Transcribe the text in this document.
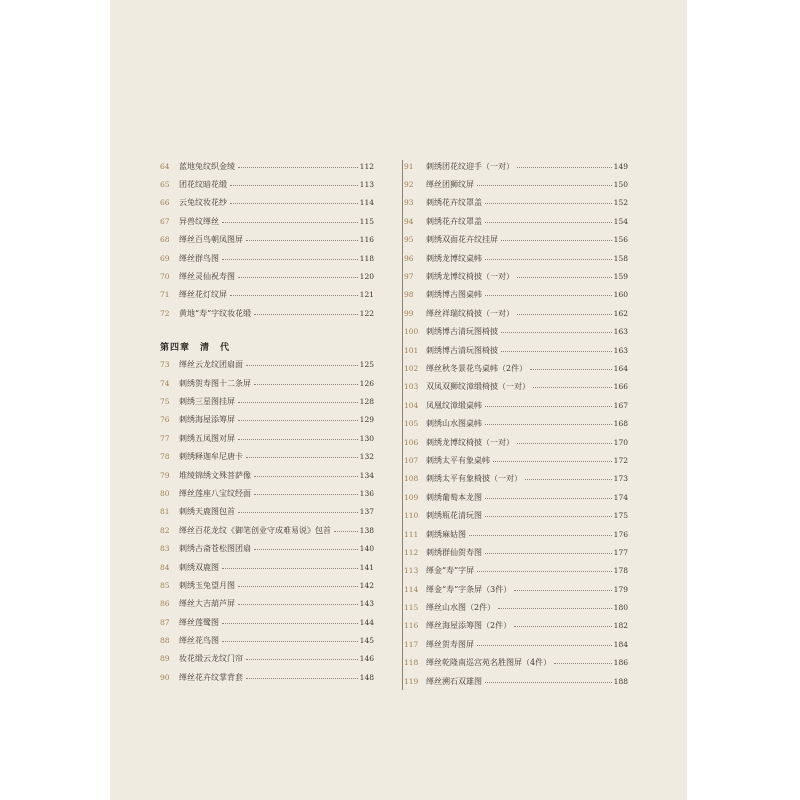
64	蓝地兔纹织金绫	112
65	团花纹暗花缎	113
66	云兔纹妆花纱	114
67	异兽纹缂丝	115
68	缂丝百鸟朝凤图屏	116
69	缂丝群鸟图	118
70	缂丝灵仙祝寿图	120
71	缂丝花灯纹屏	121
72	黄地“寿”字纹妆花缎	122
第四章　清　代
73	缂丝云龙纹团扇面	125
74	刺绣贺寿图十二条屏	126
75	刺绣三星图挂屏	128
76	刺绣海屋添筹屏	129
77	刺绣五凤图对屏	130
78	刺绣释迦牟尼唐卡	132
79	堆绫锦绣文殊菩萨像	134
80	缂丝莲座八宝纹经面	136
81	刺绣天鹿图包首	137
82	缂丝百花龙纹《御笔创业守成难易说》包首	138
83	刺绣古斋苍松图团扇	140
84	刺绣双鹿图	141
85	刺绣玉兔望月图	142
86	缂丝大吉葫芦屏	143
87	缂丝莲鹭图	144
88	缂丝花鸟图	145
89	妆花缎云龙纹门帘	146
90	缂丝花卉纹掌背套	148
91	刺绣团花纹迎手（一对）	149
92	缂丝团狮纹屏	150
93	刺绣花卉纹罩盖	152
94	刺绣花卉纹罩盖	154
95	刺绣双面花卉纹挂屏	156
96	刺绣龙博纹桌帏	158
97	刺绣龙博纹椅披（一对）	159
98	刺绣博古图桌帏	160
99	缂丝祥瑞纹椅披（一对）	162
100 刺绣博古清玩图椅披	163
101 刺绣博古清玩图椅披	163
102 缂丝秋冬景花鸟桌帏（2件）	164
103 双凤双狮纹漳缎椅披（一对）	166
104 凤凰纹漳缎桌帏	167
105 刺绣山水图桌帏	168
106 刺绣龙博纹椅披（一对）	170
107 刺绣太平有象桌帏	172
108 刺绣太平有象椅披（一对）	173
109 刺绣葡萄本龙图	174
110 刺绣瓶花清玩图	175
111 刺绣麻姑图	176
112 刺绣群仙贺寿图	177
113 缂金“寿”字屏	178
114 缂金“寿”字条屏（3件）	179
115 缂丝山水图（2件）	180
116 缂丝海屋添筹图（2件）	182
117 缂丝贺寿图屏	184
118 缂丝乾隆南巡宫苑名胜图屏（4件）	186
119 缂丝溯石双雄图	188
